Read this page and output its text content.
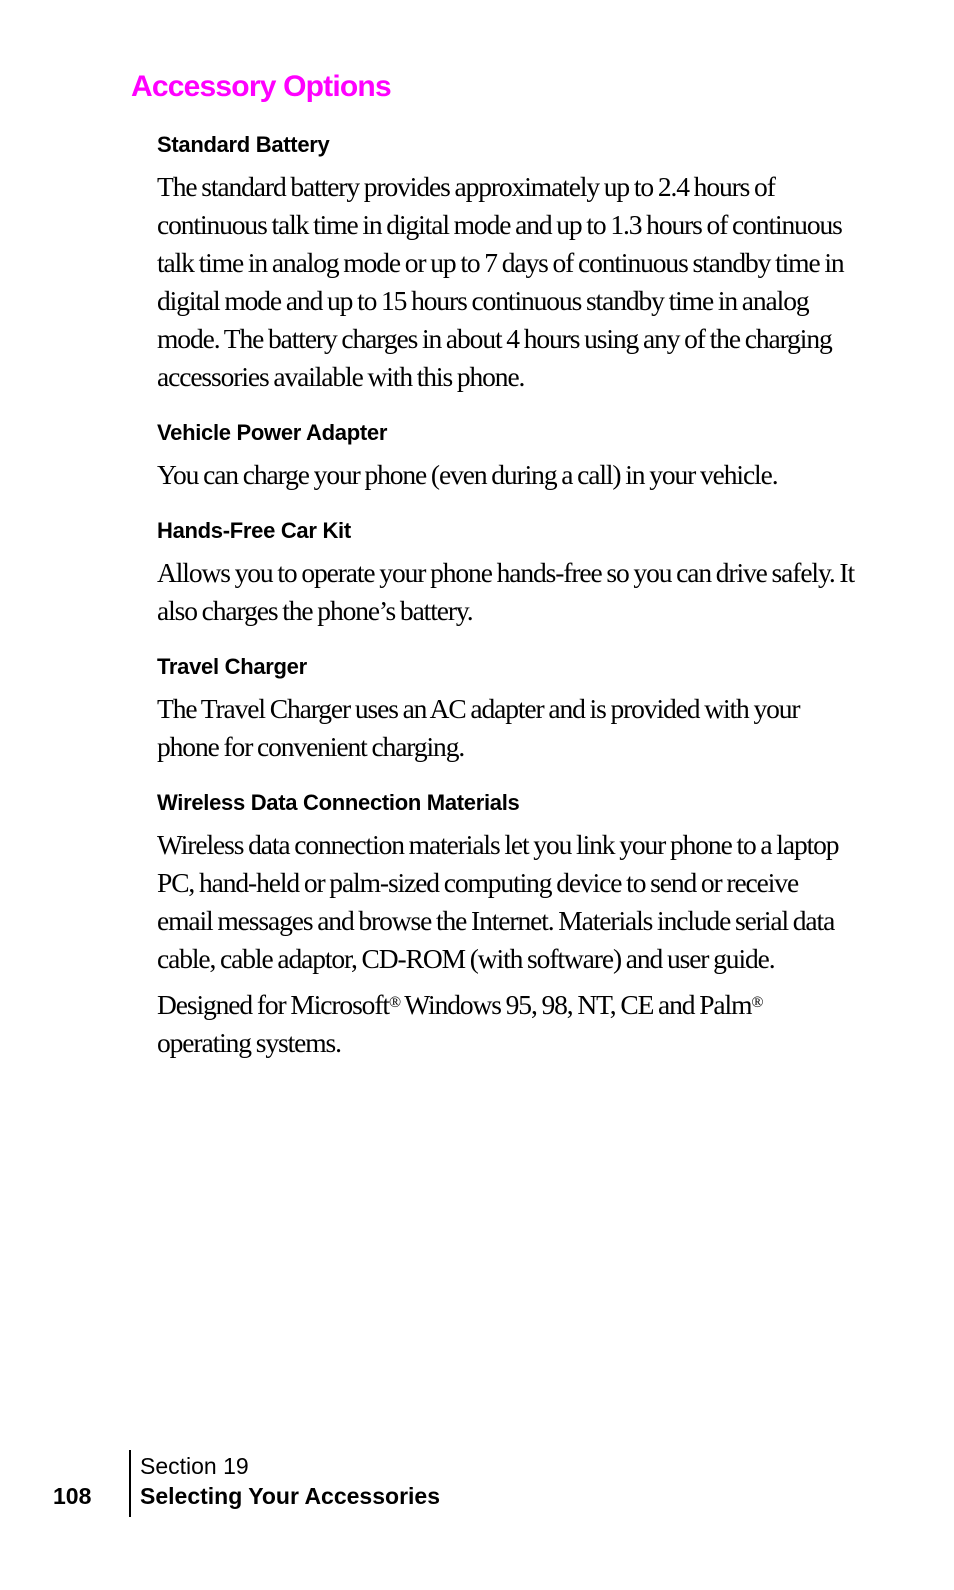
Accessory Options
Standard Battery

The standard battery provides approximately up to 2.4 hours of continuous talk time in digital mode and up to 1.3 hours of continuous talk time in analog mode or up to 7 days of continuous standby time in digital mode and up to 15 hours continuous standby time in analog mode. The battery charges in about 4 hours using any of the charging accessories available with this phone.

Vehicle Power Adapter

You can charge your phone (even during a call) in your vehicle.

Hands-Free Car Kit

Allows you to operate your phone hands-free so you can drive safely. It also charges the phone’s battery.

Travel Charger

The Travel Charger uses an AC adapter and is provided with your phone for convenient charging.

Wireless Data Connection Materials

Wireless data connection materials let you link your phone to a laptop PC, hand-held or palm-sized computing device to send or receive email messages and browse the Internet. Materials include serial data cable, cable adaptor, CD-ROM (with software) and user guide.

Designed for Microsoft® Windows 95, 98, NT, CE and Palm® operating systems.

108
Section 19
Selecting Your Accessories
